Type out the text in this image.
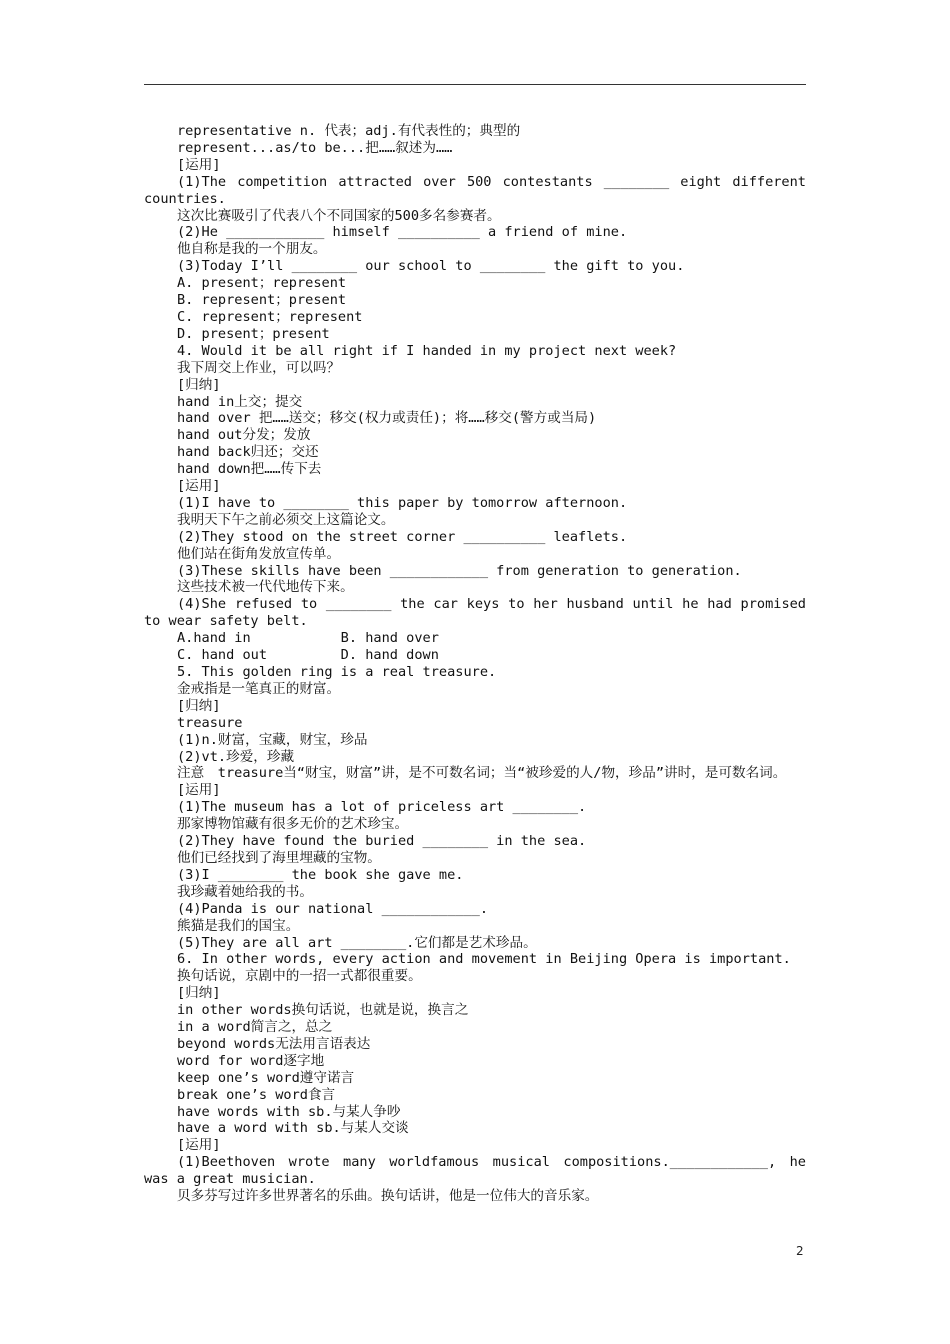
representative n. 代表；adj.有代表性的；典型的

represent...as/to be...把……叙述为……

[运用]

(1)The competition attracted over 500 contestants ________ eight different countries.

这次比赛吸引了代表八个不同国家的500多名参赛者。

(2)He ____________ himself __________ a friend of mine.

他自称是我的一个朋友。

(3)Today I’ll ________ our school to ________ the gift to you.

A. present；represent

B. represent；present

C. represent；represent

D. present；present

4. Would it be all right if I handed in my project next week?

我下周交上作业，可以吗？

[归纳]

hand in上交；提交

hand over 把……送交；移交(权力或责任)；将……移交(警方或当局)

hand out分发；发放

hand back归还；交还

hand down把……传下去

[运用]

(1)I have to ________ this paper by tomorrow afternoon.

我明天下午之前必须交上这篇论文。

(2)They stood on the street corner __________ leaflets.

他们站在街角发放宣传单。

(3)These skills have been ____________ from generation to generation.

这些技术被一代代地传下来。

(4)She refused to ________ the car keys to her husband until he had promised to wear safety belt.

A.hand in           B. hand over

C. hand out         D. hand down

5. This golden ring is a real treasure.

金戒指是一笔真正的财富。

[归纳]

treasure

(1)n.财富，宝藏，财宝，珍品

(2)vt.珍爱，珍藏

注意　treasure当“财宝，财富”讲，是不可数名词；当“被珍爱的人/物，珍品”讲时，是可数名词。

[运用]

(1)The museum has a lot of priceless art ________.

那家博物馆藏有很多无价的艺术珍宝。

(2)They have found the buried ________ in the sea.

他们已经找到了海里埋藏的宝物。

(3)I ________ the book she gave me.

我珍藏着她给我的书。

(4)Panda is our national ____________.

熊猫是我们的国宝。

(5)They are all art ________.它们都是艺术珍品。

6. In other words, every action and movement in Beijing Opera is important.

换句话说，京剧中的一招一式都很重要。

[归纳]

in other words换句话说，也就是说，换言之

in a word简言之，总之

beyond words无法用言语表达

word for word逐字地

keep one’s word遵守诺言

break one’s word食言

have words with sb.与某人争吵

have a word with sb.与某人交谈

[运用]

(1)Beethoven wrote many worldfamous musical compositions.____________, he was a great musician.

贝多芬写过许多世界著名的乐曲。换句话讲，他是一位伟大的音乐家。

2
